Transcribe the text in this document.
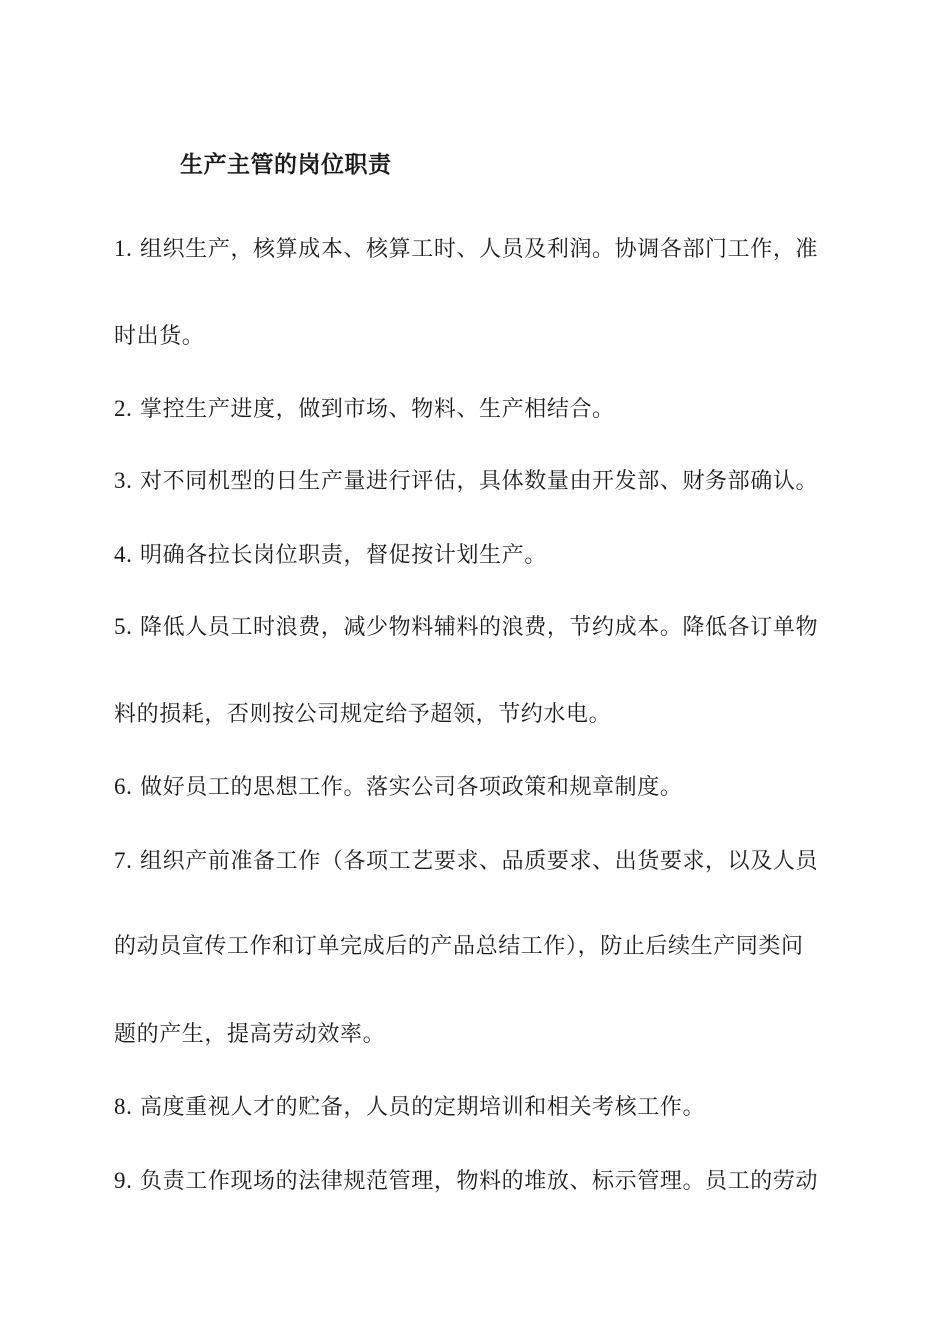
生产主管的岗位职责
1. 组织生产，核算成本、核算工时、人员及利润。协调各部门工作，准
时出货。
2. 掌控生产进度，做到市场、物料、生产相结合。
3. 对不同机型的日生产量进行评估，具体数量由开发部、财务部确认。
4. 明确各拉长岗位职责，督促按计划生产。
5. 降低人员工时浪费，减少物料辅料的浪费，节约成本。降低各订单物
料的损耗，否则按公司规定给予超领，节约水电。
6. 做好员工的思想工作。落实公司各项政策和规章制度。
7. 组织产前准备工作（各项工艺要求、品质要求、出货要求，以及人员
的动员宣传工作和订单完成后的产品总结工作），防止后续生产同类问
题的产生，提高劳动效率。
8. 高度重视人才的贮备，人员的定期培训和相关考核工作。
9. 负责工作现场的法律规范管理，物料的堆放、标示管理。员工的劳动
